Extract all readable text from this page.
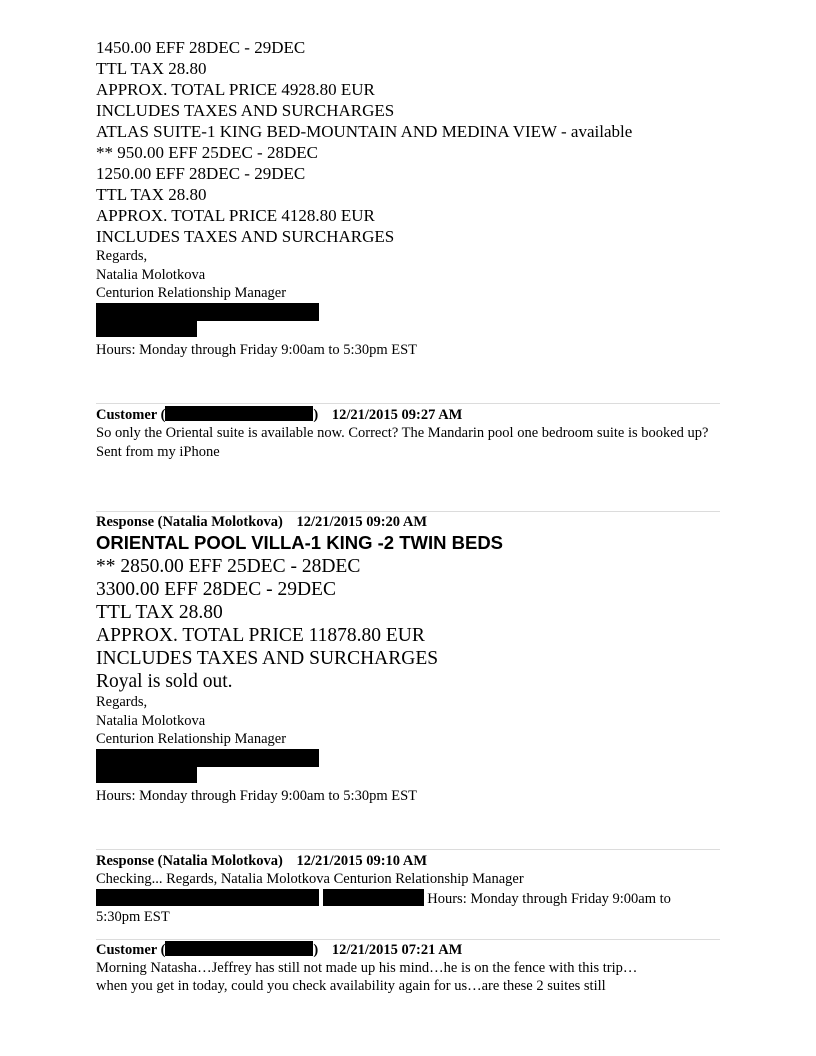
1450.00 EFF 28DEC - 29DEC
TTL TAX 28.80
APPROX. TOTAL PRICE 4928.80 EUR
INCLUDES TAXES AND SURCHARGES
ATLAS SUITE-1 KING BED-MOUNTAIN AND MEDINA VIEW - available
** 950.00 EFF 25DEC - 28DEC
1250.00 EFF 28DEC - 29DEC
TTL TAX 28.80
APPROX. TOTAL PRICE 4128.80 EUR
INCLUDES TAXES AND SURCHARGES
Regards,
Natalia Molotkova
Centurion Relationship Manager
Hours: Monday through Friday 9:00am to 5:30pm EST
Customer (	) 12/21/2015 09:27 AM
So only the Oriental suite is available now. Correct? The Mandarin pool one bedroom suite is booked up? Sent from my iPhone
Response (Natalia Molotkova) 12/21/2015 09:20 AM
ORIENTAL POOL VILLA-1 KING -2 TWIN BEDS
** 2850.00 EFF 25DEC - 28DEC
3300.00 EFF 28DEC - 29DEC
TTL TAX 28.80
APPROX. TOTAL PRICE 11878.80 EUR
INCLUDES TAXES AND SURCHARGES
Royal is sold out.
Regards,
Natalia Molotkova
Centurion Relationship Manager
Hours: Monday through Friday 9:00am to 5:30pm EST
Response (Natalia Molotkova) 12/21/2015 09:10 AM
Checking... Regards, Natalia Molotkova Centurion Relationship Manager
Hours: Monday through Friday 9:00am to
5:30pm EST
Customer (	) 12/21/2015 07:21 AM
Morning Natasha…Jeffrey has still not made up his mind…he is on the fence with this trip…
when you get in today, could you check availability again for us…are these 2 suites still
